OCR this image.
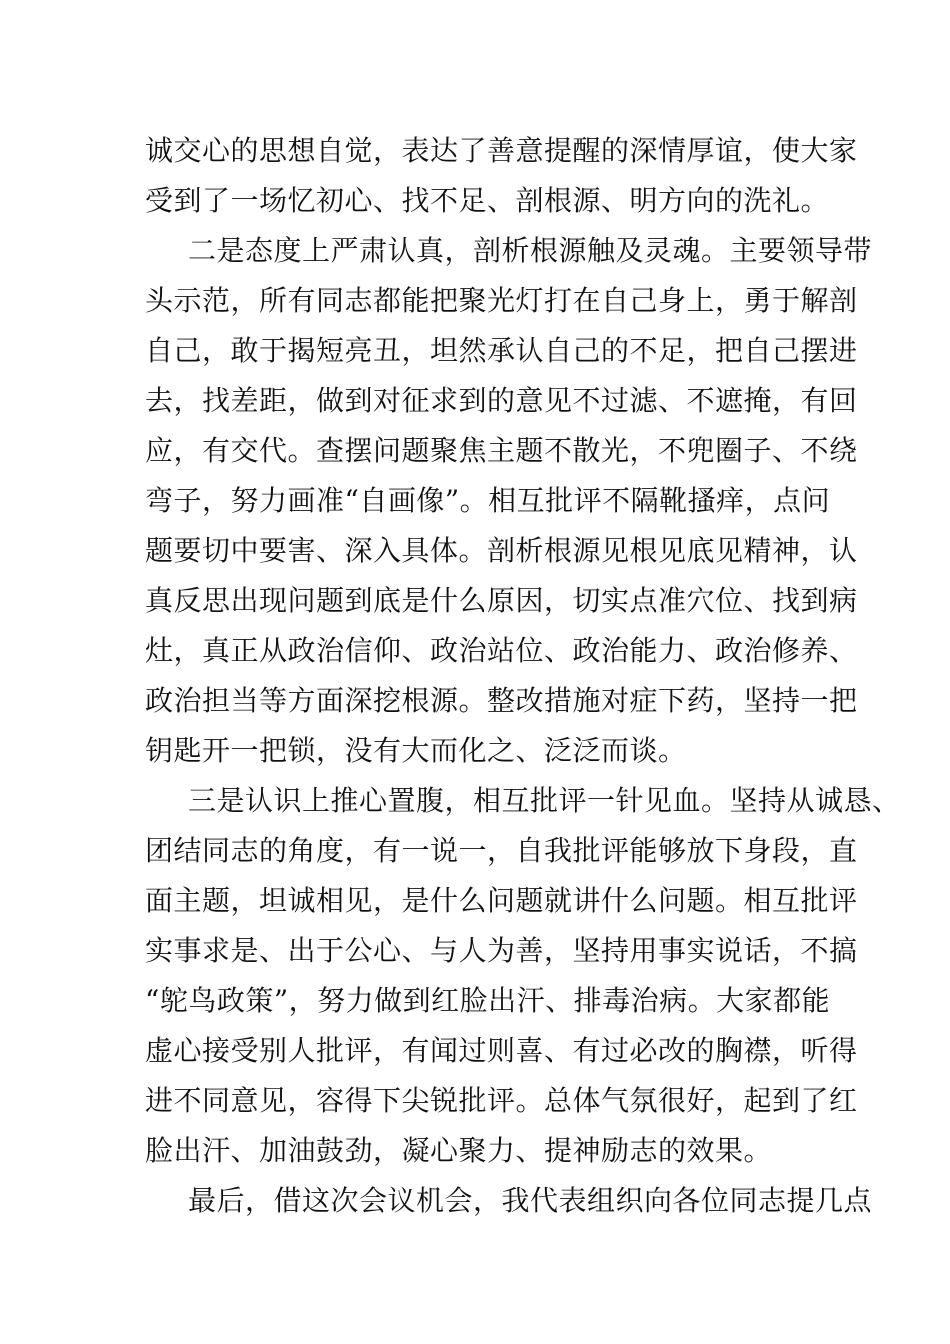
诚交心的思想自觉，表达了善意提醒的深情厚谊，使大家
受到了一场忆初心、找不足、剖根源、明方向的洗礼。
二是态度上严肃认真，剖析根源触及灵魂。主要领导带
头示范，所有同志都能把聚光灯打在自己身上，勇于解剖
自己，敢于揭短亮丑，坦然承认自己的不足，把自己摆进
去，找差距，做到对征求到的意见不过滤、不遮掩，有回
应，有交代。查摆问题聚焦主题不散光，不兜圈子、不绕
弯子，努力画准“自画像”。相互批评不隔靴搔痒，点问
题要切中要害、深入具体。剖析根源见根见底见精神，认
真反思出现问题到底是什么原因，切实点准穴位、找到病
灶，真正从政治信仰、政治站位、政治能力、政治修养、
政治担当等方面深挖根源。整改措施对症下药，坚持一把
钥匙开一把锁，没有大而化之、泛泛而谈。
三是认识上推心置腹，相互批评一针见血。坚持从诚恳、
团结同志的角度，有一说一，自我批评能够放下身段，直
面主题，坦诚相见，是什么问题就讲什么问题。相互批评
实事求是、出于公心、与人为善，坚持用事实说话，不搞
“鸵鸟政策”，努力做到红脸出汗、排毒治病。大家都能
虚心接受别人批评，有闻过则喜、有过必改的胸襟，听得
进不同意见，容得下尖锐批评。总体气氛很好，起到了红
脸出汗、加油鼓劲，凝心聚力、提神励志的效果。
最后，借这次会议机会，我代表组织向各位同志提几点
